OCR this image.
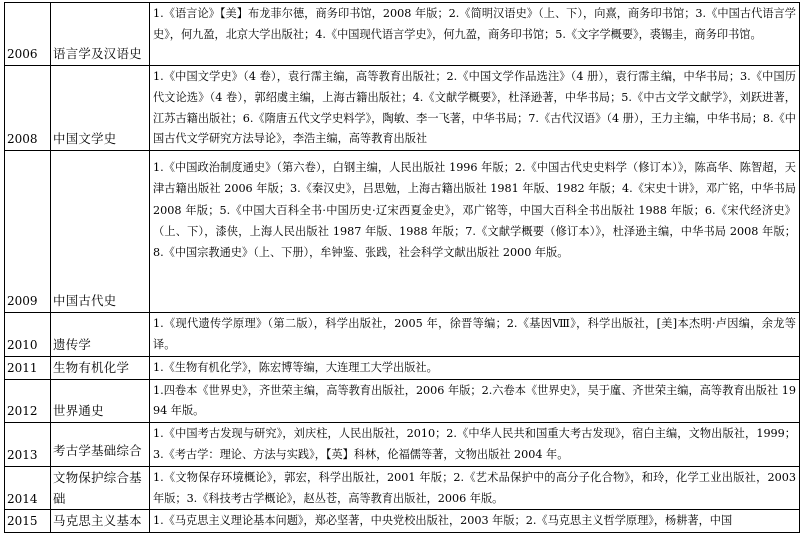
2006	语言学及汉语史	1.《语言论》【美】布龙菲尔德，商务印书馆，2008 年版；2.《简明汉语史》（上、下），向熹，商务印书馆；3.《中国古代语言学史》，何九盈，北京大学出版社；4.《中国现代语言学史》，何九盈，商务印书馆；5.《文字学概要》，裘锡圭，商务印书馆。
2008	中国文学史	1.《中国文学史》（4 卷），袁行霈主编，高等教育出版社；2.《中国文学作品选注》（4 册），袁行霈主编，中华书局；3.《中国历代文论选》（4 卷），郭绍虞主编，上海古籍出版社；4.《文献学概要》，杜泽逊著，中华书局；5.《中古文学文献学》，刘跃进著，江苏古籍出版社；6.《隋唐五代文学史料学》，陶敏、李一飞著，中华书局；7.《古代汉语》（4 册），王力主编，中华书局；8.《中国古代文学研究方法导论》，李浩主编，高等教育出版社
2009	中国古代史	1.《中国政治制度通史》（第六卷），白钢主编，人民出版社 1996 年版；2.《中国古代史史料学（修订本）》，陈高华、陈智超，天津古籍出版社 2006 年版；3.《秦汉史》，吕思勉，上海古籍出版社 1981 年版、1982 年版；4.《宋史十讲》，邓广铭，中华书局 2008 年版；5.《中国大百科全书·中国历史·辽宋西夏金史》，邓广铭等，中国大百科全书出版社 1988 年版；6.《宋代经济史》（上、下），漆侠，上海人民出版社 1987 年版、1988 年版；7.《文献学概要（修订本）》，杜泽逊主编，中华书局 2008 年版；8.《中国宗教通史》（上、下册），牟钟鉴、张践，社会科学文献出版社 2000 年版。
2010	遗传学	1.《现代遗传学原理》（第二版），科学出版社，2005 年，徐晋等编；2.《基因Ⅷ》，科学出版社，[美]本杰明·卢因编，余龙等译。
2011	生物有机化学	1.《生物有机化学》，陈宏博等编，大连理工大学出版社。
2012	世界通史	1.四卷本《世界史》，齐世荣主编，高等教育出版社，2006 年版；2.六卷本《世界史》，吴于廑、齐世荣主编，高等教育出版社 1994 年版。
2013	考古学基础综合	1.《中国考古发现与研究》，刘庆柱，人民出版社，2010；2.《中华人民共和国重大考古发现》，宿白主编，文物出版社，1999；3.《考古学：理论、方法与实践》，【英】科林，伦福儒等著，文物出版社 2004 年。
2014	文物保护综合基础	1.《文物保存环境概论》，郭宏，科学出版社，2001 年版；2.《艺术品保护中的高分子化合物》，和玲，化学工业出版社，2003 年版；3.《科技考古学概论》，赵丛苍，高等教育出版社，2006 年版。
2015	马克思主义基本	1.《马克思主义理论基本问题》，郑必坚著，中央党校出版社，2003 年版；2.《马克思主义哲学原理》，杨耕著，中国
